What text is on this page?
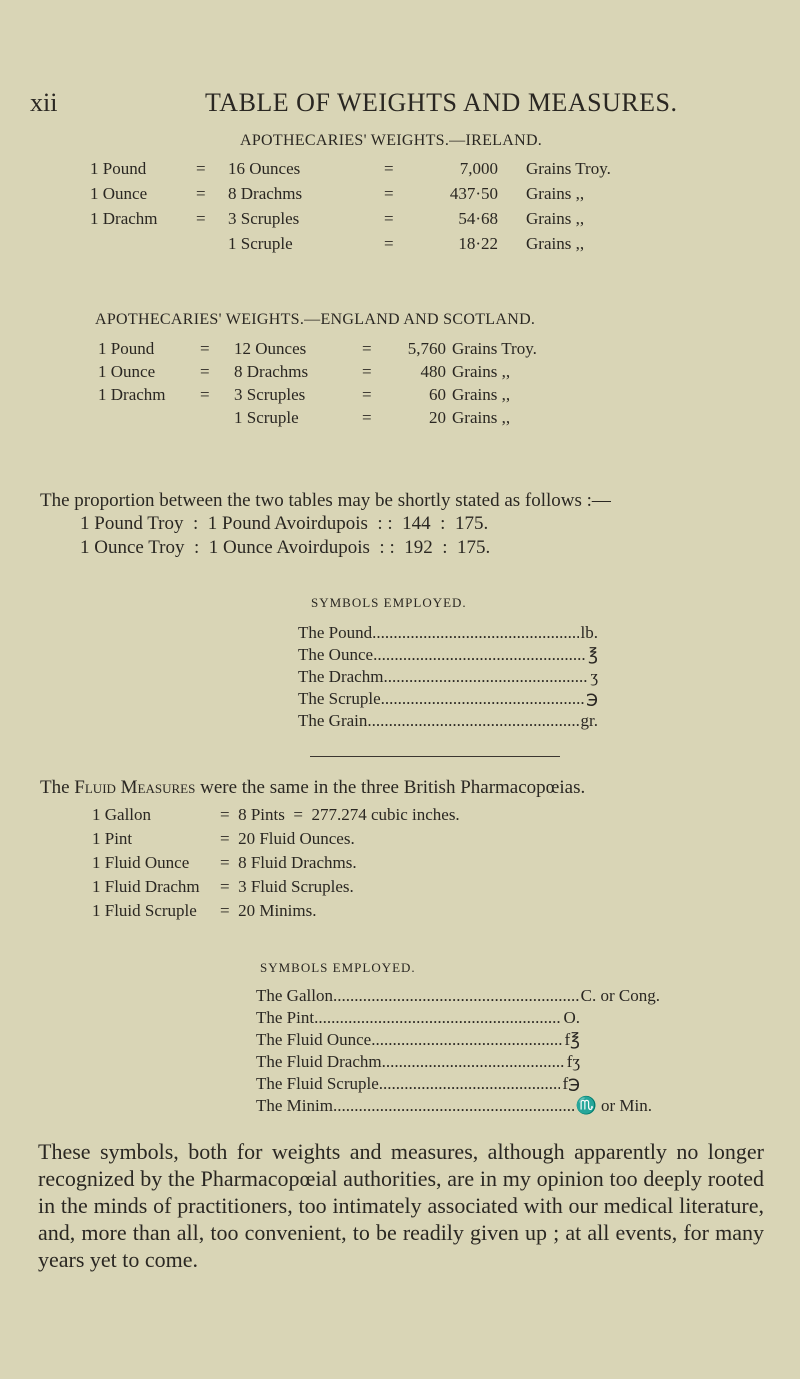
xii	TABLE OF WEIGHTS AND MEASURES.
APOTHECARIES' WEIGHTS.—IRELAND.
1 Pound	= 16 Ounces	=	7,000 Grains Troy.
1 Ounce	= 8 Drachms	=	437·50 Grains ,,
1 Drachm = 3 Scruples	=	54·68 Grains ,,
1 Scruple	=	18·22 Grains ,,
APOTHECARIES' WEIGHTS.—ENGLAND AND SCOTLAND.
1 Pound	= 12 Ounces	=	5,760 Grains Troy.
1 Ounce	= 8 Drachms	=	480 Grains ,,
1 Drachm = 3 Scruples	=	60 Grains ,,
1 Scruple	=	20 Grains ,,
The proportion between the two tables may be shortly stated as follows :—
1 Pound Troy  :  1 Pound Avoirdupois  : :  144  :  175.
1 Ounce Troy  :  1 Ounce Avoirdupois  : :  192  :  175.
SYMBOLS EMPLOYED.
The Pound .....	lb.
The Ounce .....	℥
The Drachm .....	ʒ
The Scruple .....	℈
The Grain .....	gr.
The Fluid Measures were the same in the three British Pharmacopœias.
1 Gallon	=  8 Pints  =  277.274 cubic inches.
1 Pint	=  20 Fluid Ounces.
1 Fluid Ounce =  8 Fluid Drachms.
1 Fluid Drachm =  3 Fluid Scruples.
1 Fluid Scruple =  20 Minims.
SYMBOLS EMPLOYED.
The Gallon .....	C. or Cong.
The Pint .....	O.
The Fluid Ounce .....	f℥
The Fluid Drachm .....	fʒ
The Fluid Scruple .....	f℈
The Minim .....	♏ or Min.
These symbols, both for weights and measures, although apparently no longer recognized by the Pharmacopœial authorities, are in my opinion too deeply rooted in the minds of practitioners, too intimately associated with our medical literature, and, more than all, too convenient, to be readily given up ; at all events, for many years yet to come.
